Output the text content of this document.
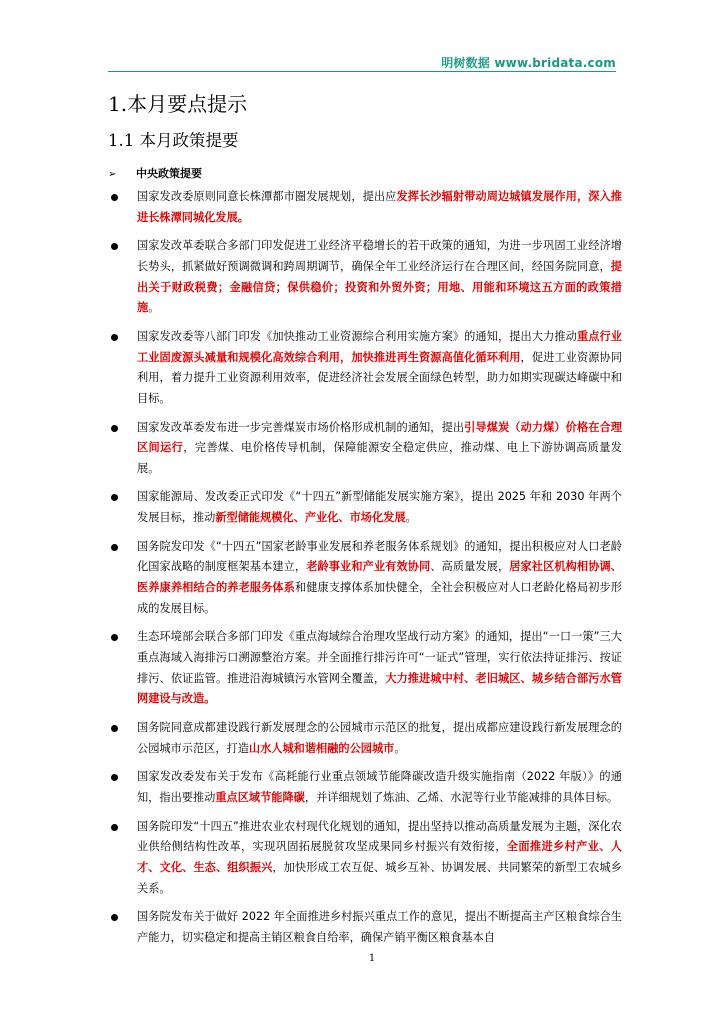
明树数据 www.bridata.com
1.本月要点提示
1.1 本月政策提要
➢ 中央政策提要
国家发改委原则同意长株潭都市圈发展规划，提出应发挥长沙辐射带动周边城镇发展作用，深入推进长株潭同城化发展。
国家发改革委联合多部门印发促进工业经济平稳增长的若干政策的通知，为进一步巩固工业经济增长势头，抓紧做好预调微调和跨周期调节，确保全年工业经济运行在合理区间，经国务院同意，提出关于财政税费；金融信贷；保供稳价；投资和外贸外资；用地、用能和环境这五方面的政策措施。
国家发改委等八部门印发《加快推动工业资源综合利用实施方案》的通知，提出大力推动重点行业工业固废源头减量和规模化高效综合利用，加快推进再生资源高值化循环利用，促进工业资源协同利用，着力提升工业资源利用效率，促进经济社会发展全面绿色转型，助力如期实现碳达峰碳中和目标。
国家发改革委发布进一步完善煤炭市场价格形成机制的通知，提出引导煤炭（动力煤）价格在合理区间运行，完善煤、电价格传导机制，保障能源安全稳定供应，推动煤、电上下游协调高质量发展。
国家能源局、发改委正式印发《“十四五”新型储能发展实施方案》，提出 2025 年和 2030 年两个发展目标，推动新型储能规模化、产业化、市场化发展。
国务院发印发《“十四五”国家老龄事业发展和养老服务体系规划》的通知，提出积极应对人口老龄化国家战略的制度框架基本建立，老龄事业和产业有效协同、高质量发展，居家社区机构相协调、医养康养相结合的养老服务体系和健康支撑体系加快健全，全社会积极应对人口老龄化格局初步形成的发展目标。
生态环境部会联合多部门印发《重点海域综合治理攻坚战行动方案》的通知，提出“一口一策”三大重点海域入海排污口溯源整治方案。并全面推行排污许可“一证式”管理，实行依法持证排污、按证排污、依证监管。推进沿海城镇污水管网全覆盖，大力推进城中村、老旧城区、城乡结合部污水管网建设与改造。
国务院同意成都建设践行新发展理念的公园城市示范区的批复，提出成都应建设践行新发展理念的公园城市示范区，打造山水人城和谐相融的公园城市。
国家发改委发布关于发布《高耗能行业重点领域节能降碳改造升级实施指南（2022 年版）》的通知，指出要推动重点区域节能降碳，并详细规划了炼油、乙烯、水泥等行业节能减排的具体目标。
国务院印发“十四五”推进农业农村现代化规划的通知，提出坚持以推动高质量发展为主题，深化农业供给侧结构性改革，实现巩固拓展脱贫攻坚成果同乡村振兴有效衔接，全面推进乡村产业、人才、文化、生态、组织振兴，加快形成工农互促、城乡互补、协调发展、共同繁荣的新型工农城乡关系。
国务院发布关于做好 2022 年全面推进乡村振兴重点工作的意见，提出不断提高主产区粮食综合生产能力，切实稳定和提高主销区粮食自给率，确保产销平衡区粮食基本自
1
